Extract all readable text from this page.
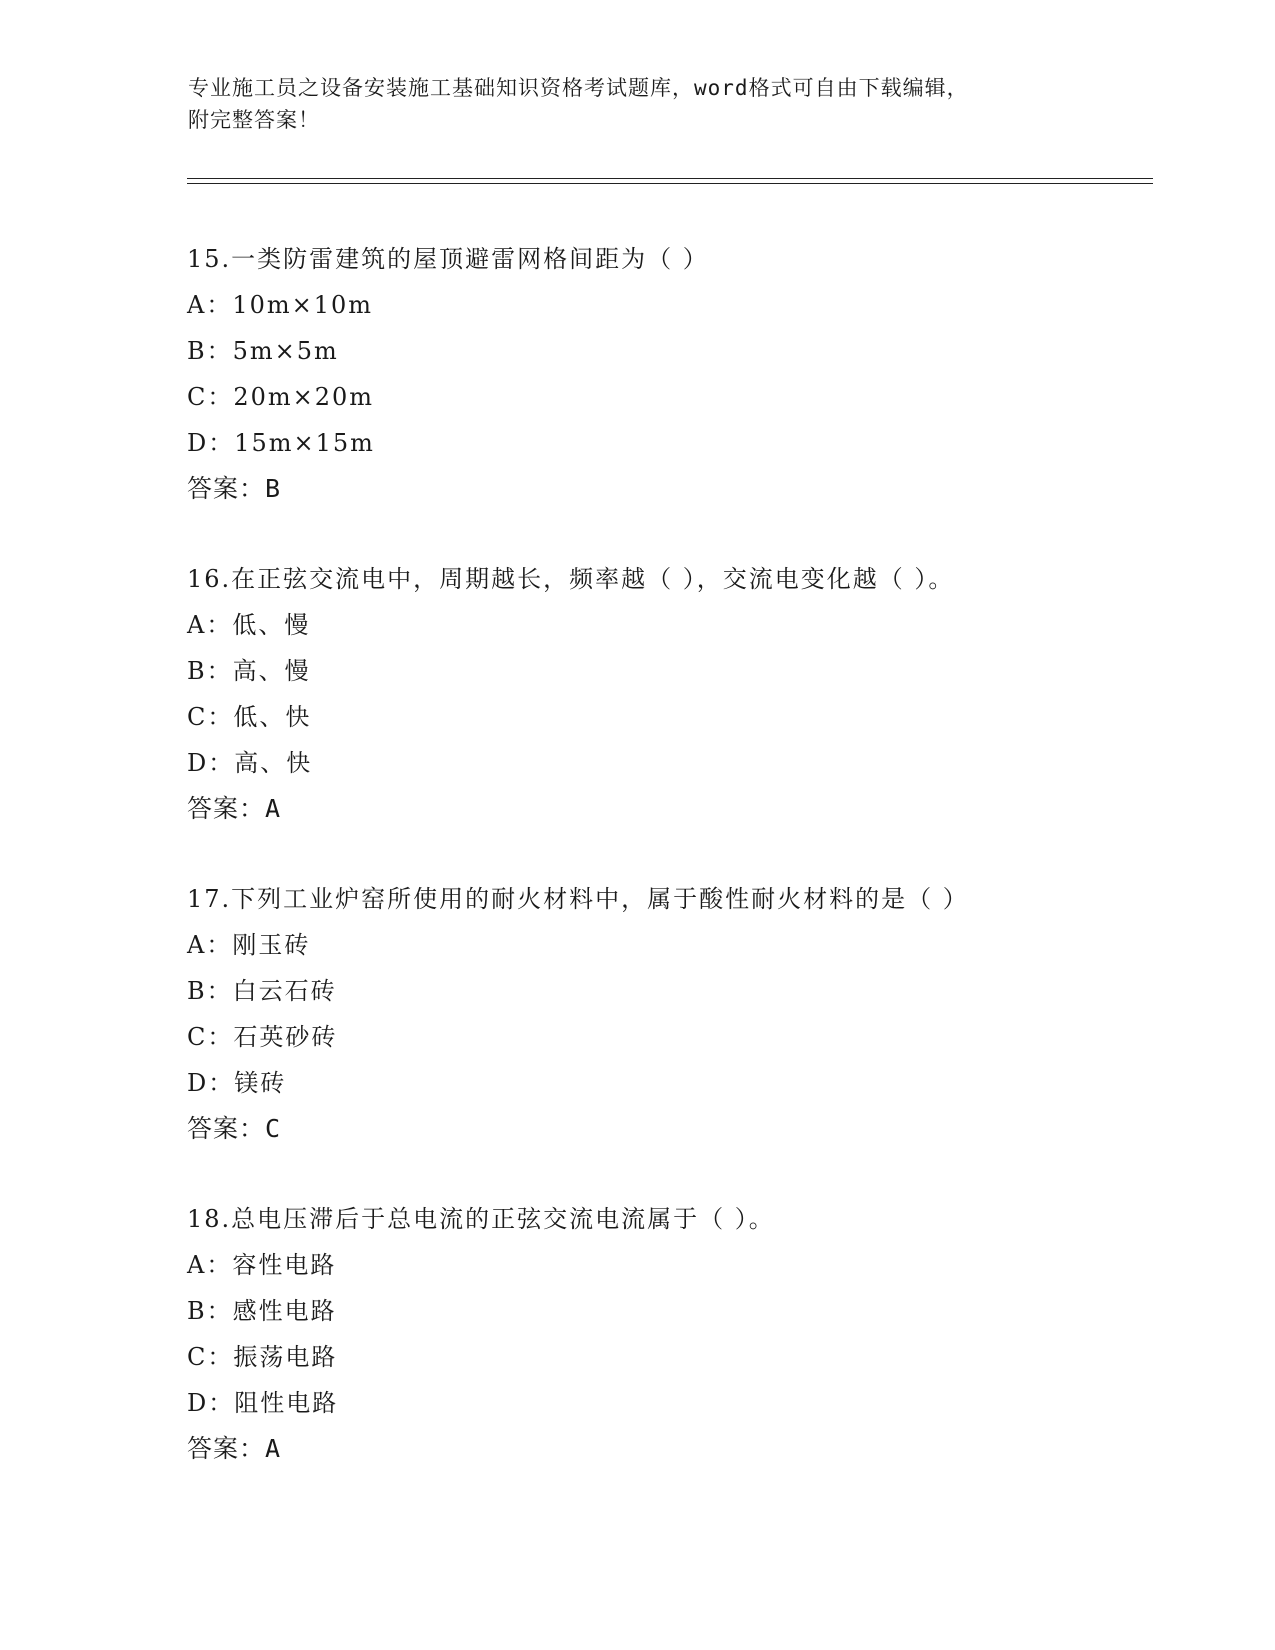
专业施工员之设备安装施工基础知识资格考试题库，word格式可自由下载编辑，
附完整答案！
15.一类防雷建筑的屋顶避雷网格间距为（ ）
A：10m×10m
B：5m×5m
C：20m×20m
D：15m×15m
答案：B
16.在正弦交流电中，周期越长，频率越（ ），交流电变化越（ ）。
A：低、慢
B：高、慢
C：低、快
D：高、快
答案：A
17.下列工业炉窑所使用的耐火材料中，属于酸性耐火材料的是（ ）
A：刚玉砖
B：白云石砖
C：石英砂砖
D：镁砖
答案：C
18.总电压滞后于总电流的正弦交流电流属于（ ）。
A：容性电路
B：感性电路
C：振荡电路
D：阻性电路
答案：A
